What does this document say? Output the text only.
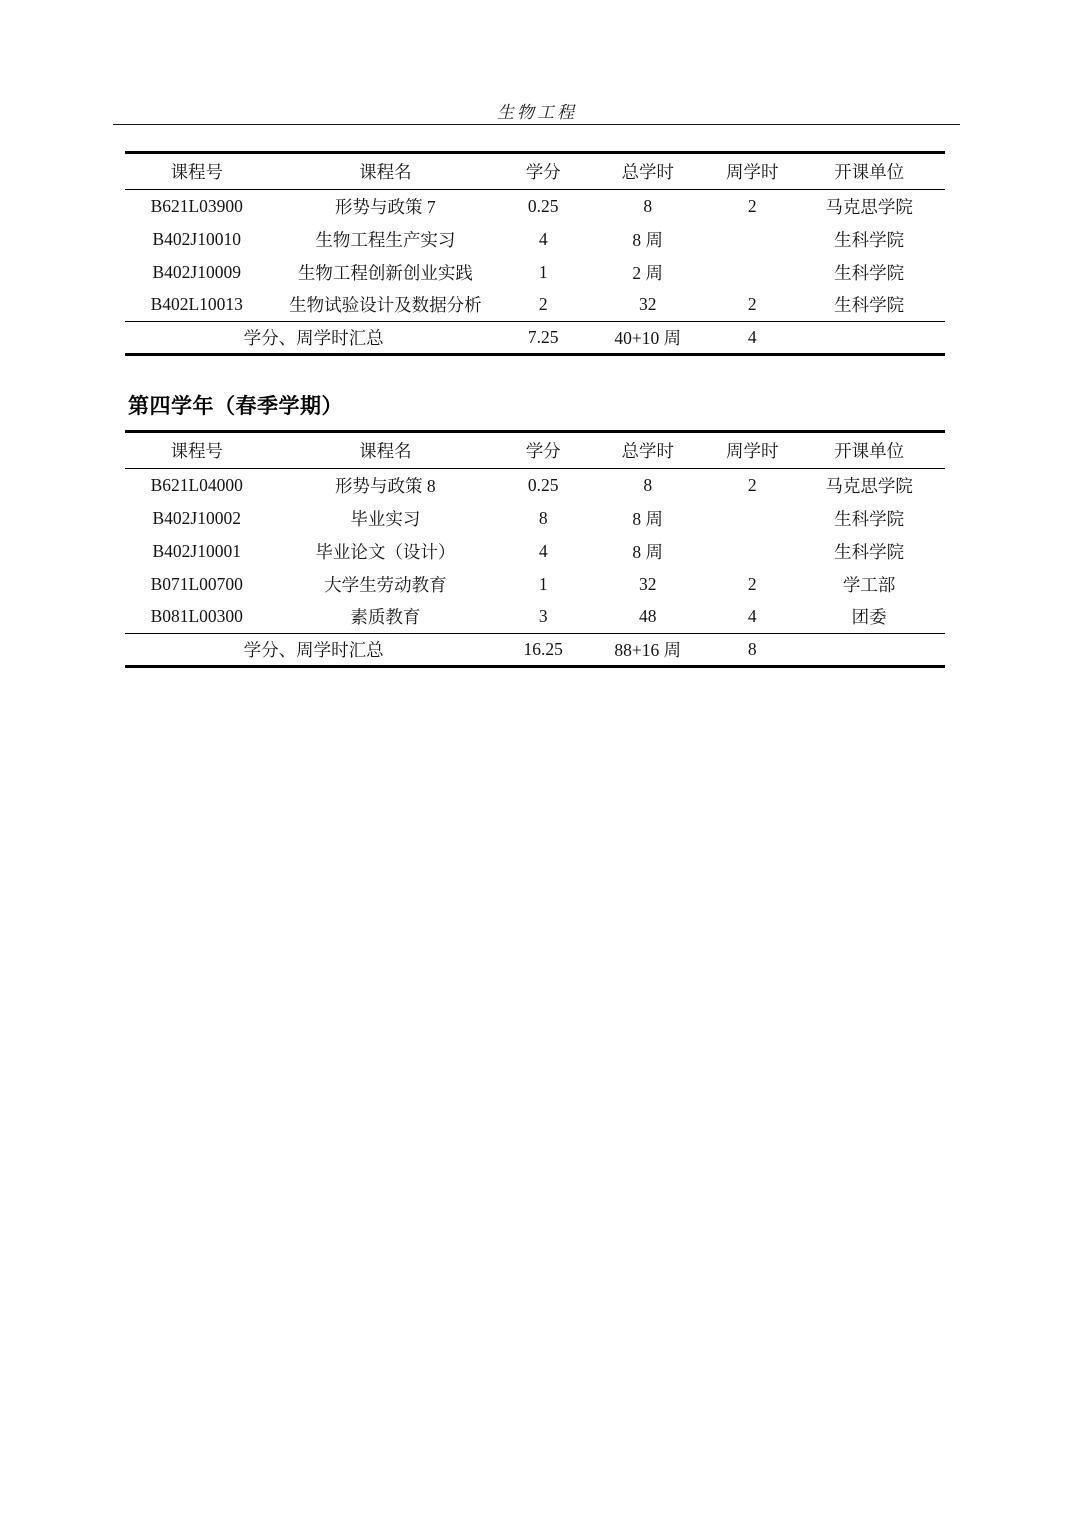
生物工程
课程号	课程名	学分	总学时	周学时	开课单位
B621L03900	形势与政策 7	0.25	8	2	马克思学院
B402J10010	生物工程生产实习	4	8 周		生科学院
B402J10009	生物工程创新创业实践	1	2 周		生科学院
B402L10013	生物试验设计及数据分析	2	32	2	生科学院
学分、周学时汇总		7.25	40+10 周	4	
第四学年（春季学期）
课程号	课程名	学分	总学时	周学时	开课单位
B621L04000	形势与政策 8	0.25	8	2	马克思学院
B402J10002	毕业实习	8	8 周		生科学院
B402J10001	毕业论文（设计）	4	8 周		生科学院
B071L00700	大学生劳动教育	1	32	2	学工部
B081L00300	素质教育	3	48	4	团委
学分、周学时汇总		16.25	88+16 周	8	
